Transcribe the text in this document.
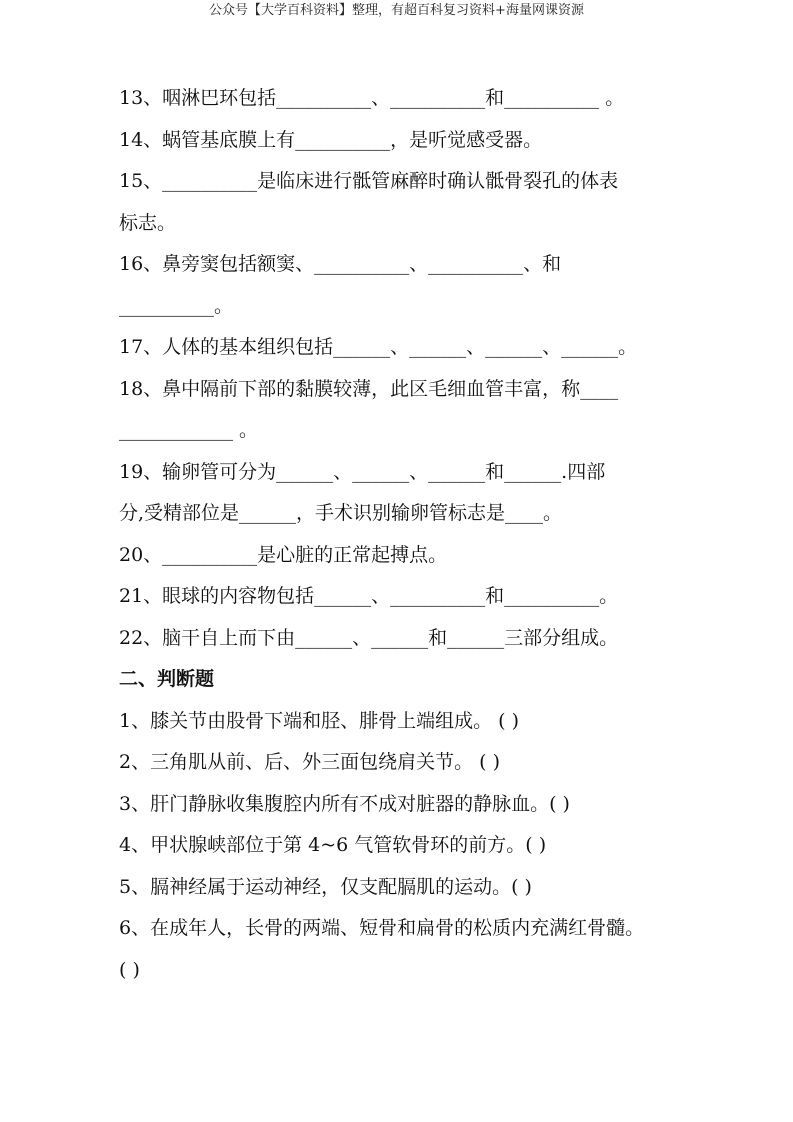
公众号【大学百科资料】整理，有超百科复习资料+海量网课资源
13、咽淋巴环包括__________、__________和__________ 。
14、蜗管基底膜上有__________，是听觉感受器。
15、__________是临床进行骶管麻醉时确认骶骨裂孔的体表
标志。
16、鼻旁窦包括额窦、__________、__________、和
__________。
17、人体的基本组织包括______、______、______、______。
18、鼻中隔前下部的黏膜较薄，此区毛细血管丰富，称____
____________ 。
19、输卵管可分为______、______、______和______.四部
分,受精部位是______，手术识别输卵管标志是____。
20、__________是心脏的正常起搏点。
21、眼球的内容物包括______、__________和__________。
22、脑干自上而下由______、______和______三部分组成。
二、判断题
1、膝关节由股骨下端和胫、腓骨上端组成。 ( )
2、三角肌从前、后、外三面包绕肩关节。 ( )
3、肝门静脉收集腹腔内所有不成对脏器的静脉血。( )
4、甲状腺峡部位于第 4~6 气管软骨环的前方。( )
5、膈神经属于运动神经，仅支配膈肌的运动。( )
6、在成年人，长骨的两端、短骨和扁骨的松质内充满红骨髓。
( )
